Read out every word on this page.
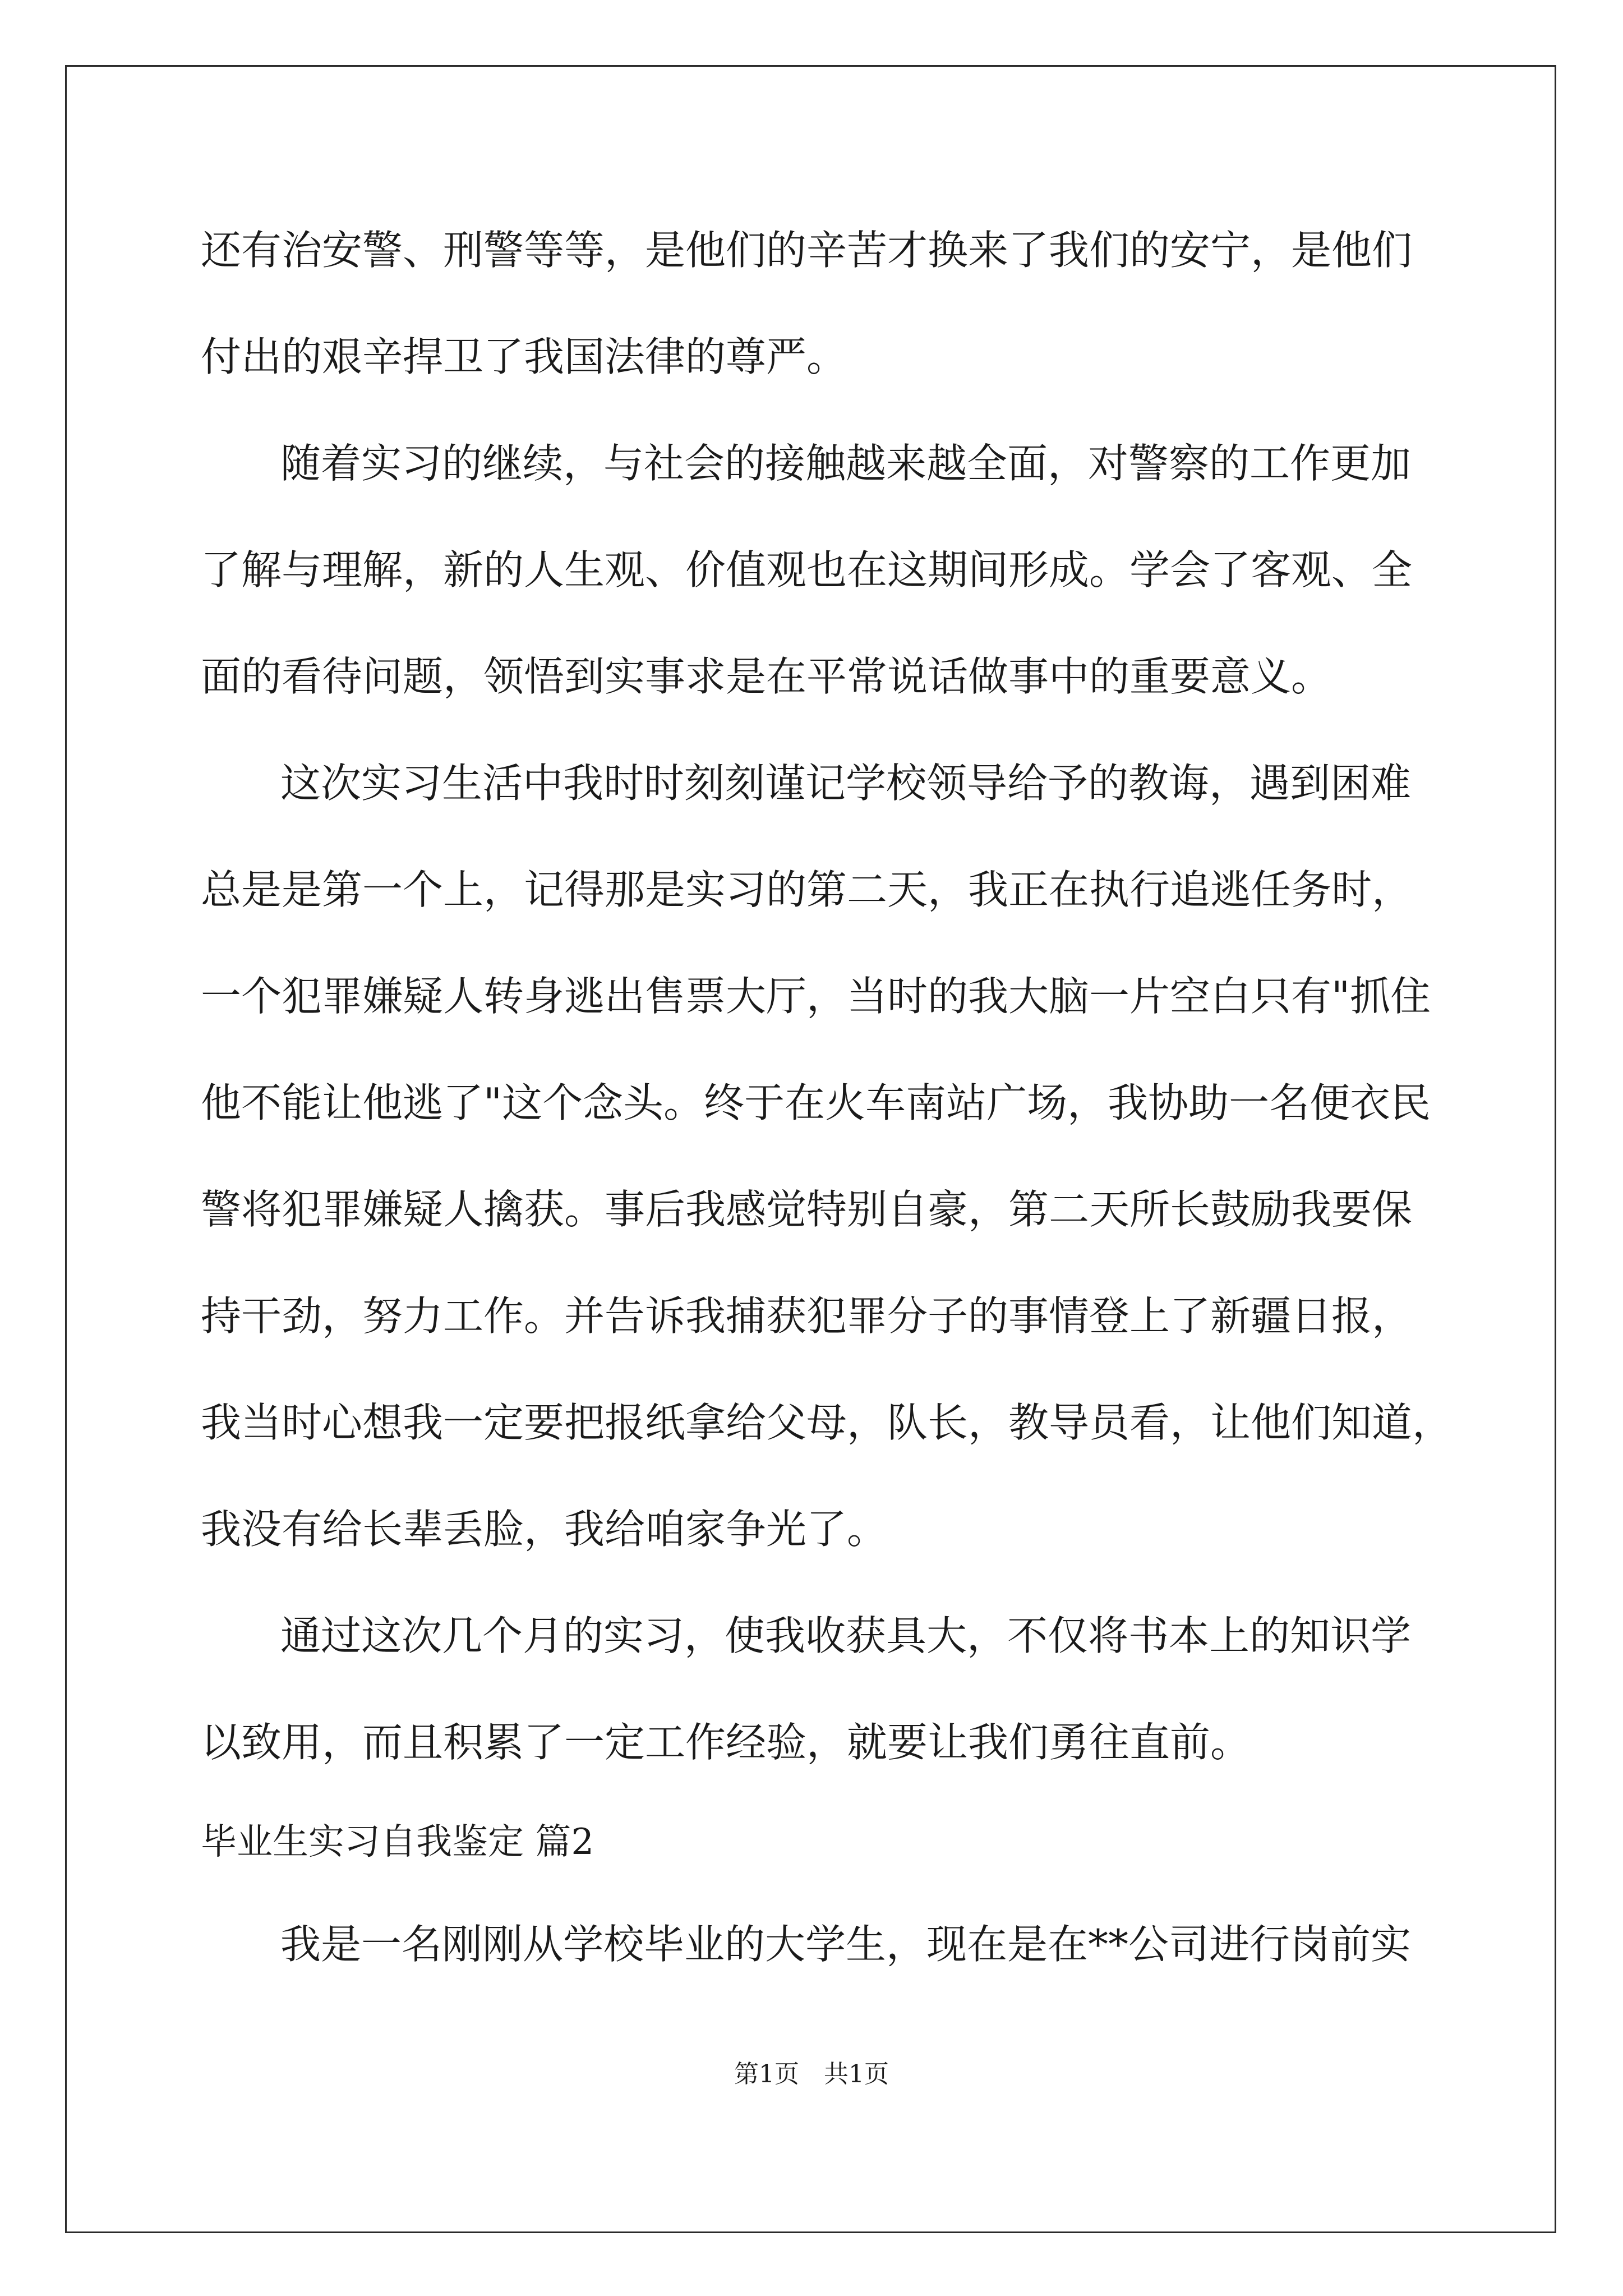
还有治安警、刑警等等，是他们的辛苦才换来了我们的安宁，是他们
付出的艰辛捍卫了我国法律的尊严。
随着实习的继续，与社会的接触越来越全面，对警察的工作更加
了解与理解，新的人生观、价值观也在这期间形成。学会了客观、全
面的看待问题，领悟到实事求是在平常说话做事中的重要意义。
这次实习生活中我时时刻刻谨记学校领导给予的教诲，遇到困难
总是是第一个上，记得那是实习的第二天，我正在执行追逃任务时，
一个犯罪嫌疑人转身逃出售票大厅，当时的我大脑一片空白只有"抓住
他不能让他逃了"这个念头。终于在火车南站广场，我协助一名便衣民
警将犯罪嫌疑人擒获。事后我感觉特别自豪，第二天所长鼓励我要保
持干劲，努力工作。并告诉我捕获犯罪分子的事情登上了新疆日报，
我当时心想我一定要把报纸拿给父母，队长，教导员看，让他们知道，
我没有给长辈丢脸，我给咱家争光了。
通过这次几个月的实习，使我收获具大，不仅将书本上的知识学
以致用，而且积累了一定工作经验，就要让我们勇往直前。
毕业生实习自我鉴定 篇2
我是一名刚刚从学校毕业的大学生，现在是在**公司进行岗前实
第1页　共1页
